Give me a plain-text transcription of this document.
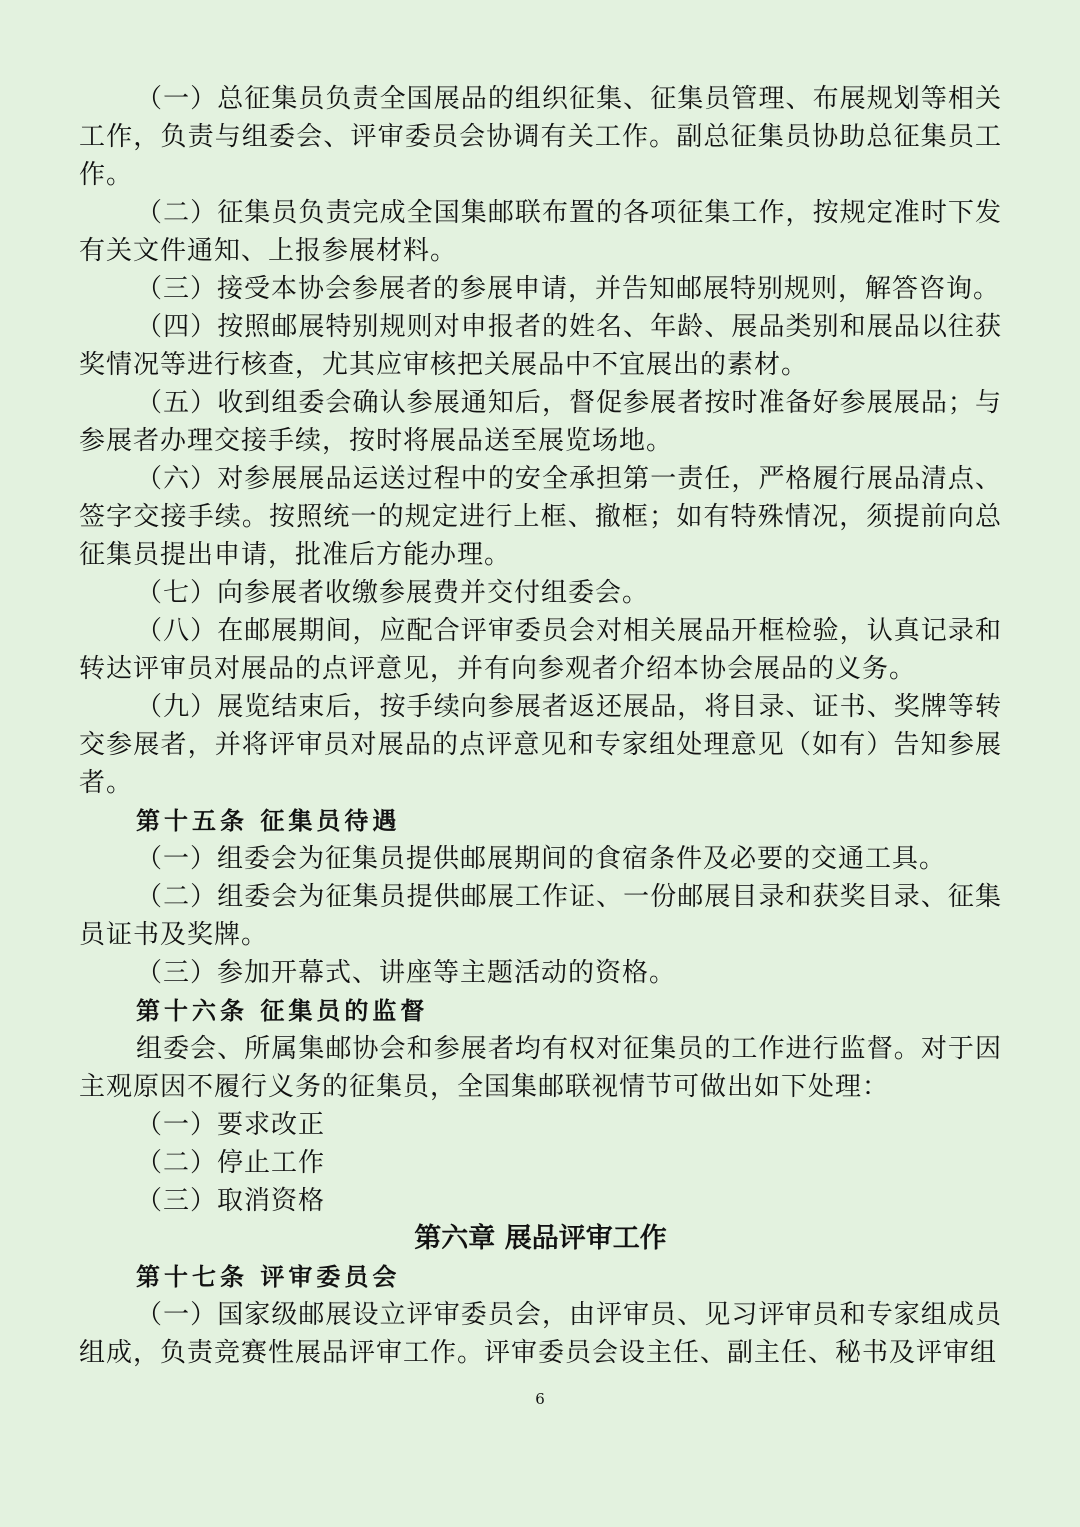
（一）总征集员负责全国展品的组织征集、征集员管理、布展规划等相关工作，负责与组委会、评审委员会协调有关工作。副总征集员协助总征集员工作。

（二）征集员负责完成全国集邮联布置的各项征集工作，按规定准时下发有关文件通知、上报参展材料。

（三）接受本协会参展者的参展申请，并告知邮展特别规则，解答咨询。

（四）按照邮展特别规则对申报者的姓名、年龄、展品类别和展品以往获奖情况等进行核查，尤其应审核把关展品中不宜展出的素材。

（五）收到组委会确认参展通知后，督促参展者按时准备好参展展品；与参展者办理交接手续，按时将展品送至展览场地。

（六）对参展展品运送过程中的安全承担第一责任，严格履行展品清点、签字交接手续。按照统一的规定进行上框、撤框；如有特殊情况，须提前向总征集员提出申请，批准后方能办理。

（七）向参展者收缴参展费并交付组委会。

（八）在邮展期间，应配合评审委员会对相关展品开框检验，认真记录和转达评审员对展品的点评意见，并有向参观者介绍本协会展品的义务。

（九）展览结束后，按手续向参展者返还展品，将目录、证书、奖牌等转交参展者，并将评审员对展品的点评意见和专家组处理意见（如有）告知参展者。

第十五条 征集员待遇

（一）组委会为征集员提供邮展期间的食宿条件及必要的交通工具。

（二）组委会为征集员提供邮展工作证、一份邮展目录和获奖目录、征集员证书及奖牌。

（三）参加开幕式、讲座等主题活动的资格。

第十六条 征集员的监督

组委会、所属集邮协会和参展者均有权对征集员的工作进行监督。对于因主观原因不履行义务的征集员，全国集邮联视情节可做出如下处理：

（一）要求改正

（二）停止工作

（三）取消资格

第六章 展品评审工作

第十七条 评审委员会

（一）国家级邮展设立评审委员会，由评审员、见习评审员和专家组成员组成，负责竞赛性展品评审工作。评审委员会设主任、副主任、秘书及评审组

6
